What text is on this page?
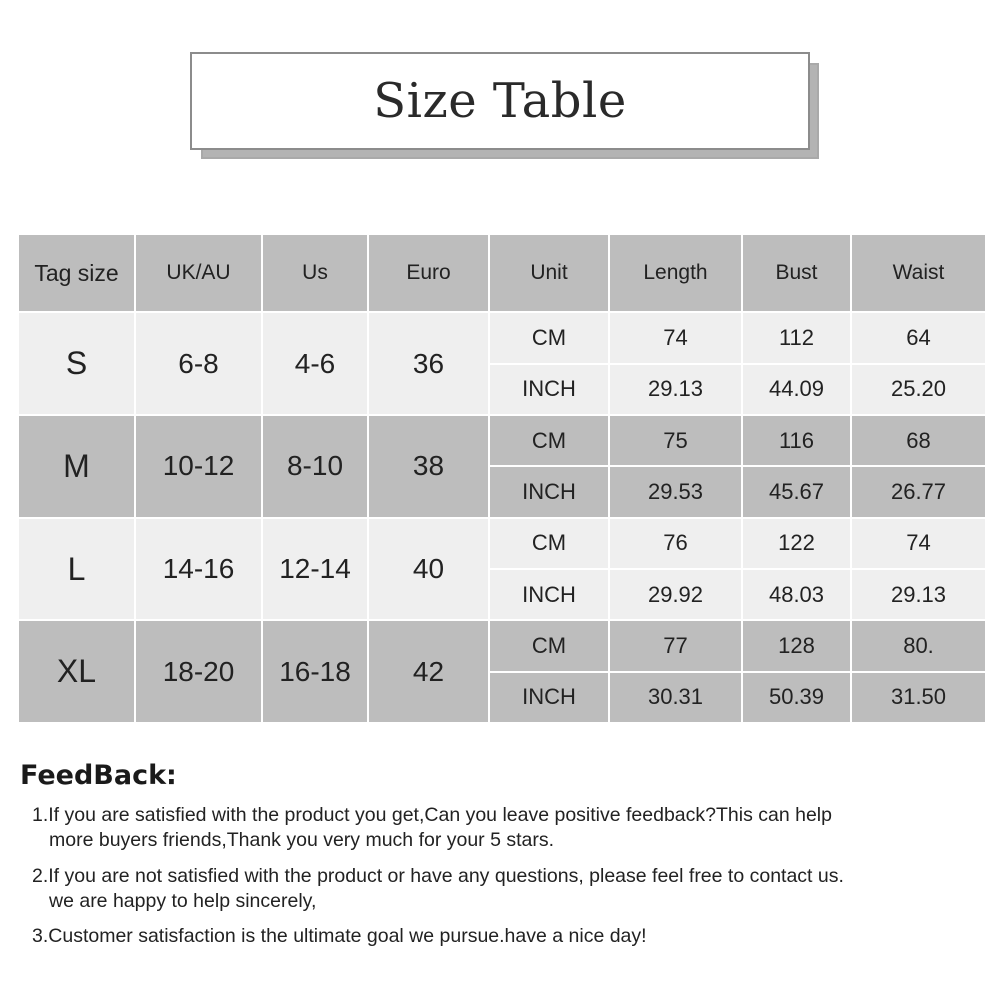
Size Table
Tag size	UK/AU	Us	Euro	Unit	Length	Bust	Waist
S	6-8	4-6	36	CM	74	112	64
				INCH	29.13	44.09	25.20
M	10-12	8-10	38	CM	75	116	68
				INCH	29.53	45.67	26.77
L	14-16	12-14	40	CM	76	122	74
				INCH	29.92	48.03	29.13
XL	18-20	16-18	42	CM	77	128	80.
				INCH	30.31	50.39	31.50
FeedBack:
1.If you are satisfied with the product you get,Can you leave positive feedback?This can help
more buyers friends,Thank you very much for your 5 stars.
2.If you are not satisfied with the product or have any questions, please feel free to contact us.
we are happy to help sincerely,
3.Customer satisfaction is the ultimate goal we pursue.have a nice day!
